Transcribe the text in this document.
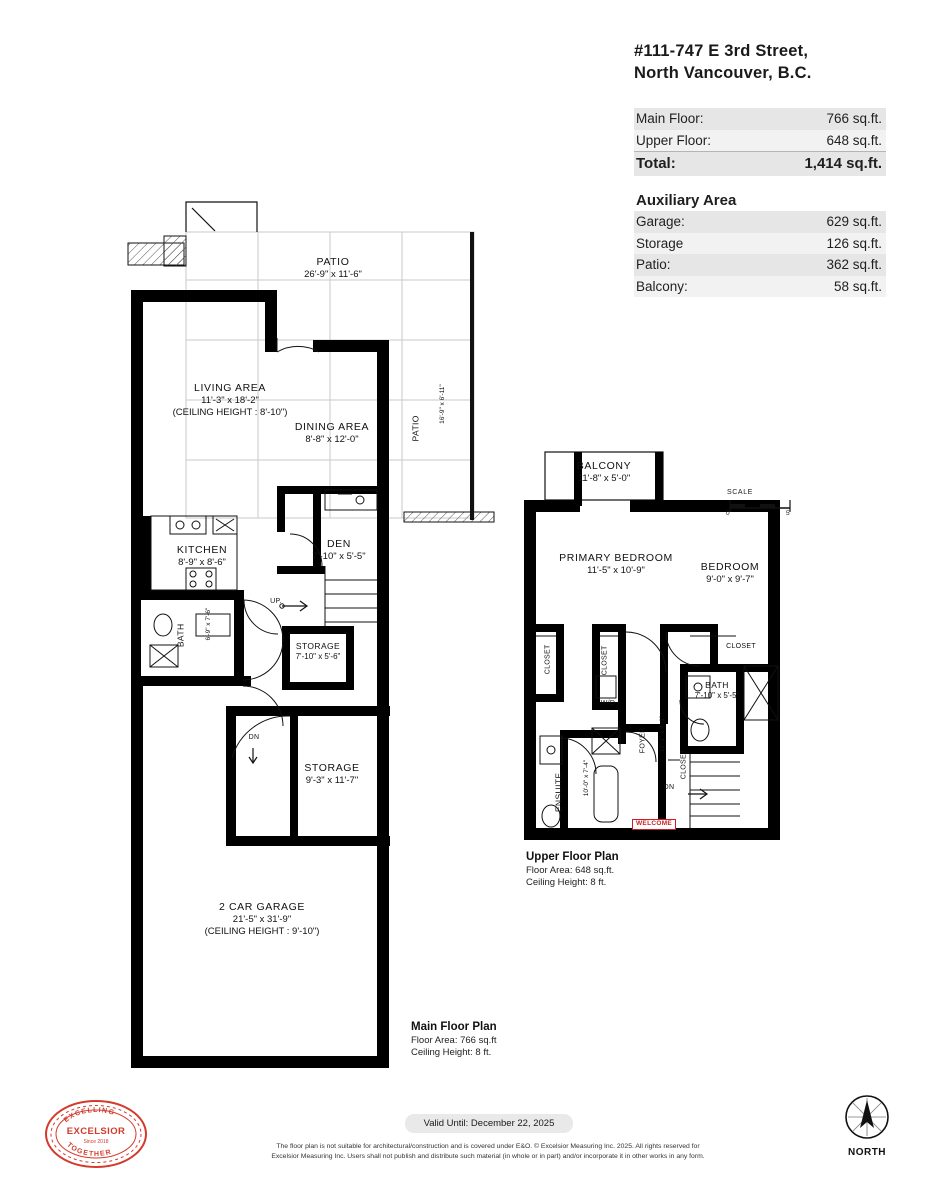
#111-747 E 3rd Street,
North Vancouver, B.C.
Main Floor:	766 sq.ft.
Upper Floor:	648 sq.ft.
Total:	1,414 sq.ft.
Auxiliary Area
Garage:	629 sq.ft.
Storage	126 sq.ft.
Patio:	362 sq.ft.
Balcony:	58 sq.ft.
PATIO
26'-9" x 11'-6"
LIVING AREA
11'-3" x 18'-2"
(CEILING HEIGHT : 8'-10")
DINING AREA
8'-8" x 12'-0"	PATIO
16'-9" x 6'-11"
KITCHEN
8'-9" x 8'-6"
DEN
7'-10" x 5'-5"
BATH	6'-9" x 7'-6"
STORAGE
7'-10" x 5'-6"
STORAGE
9'-3" x 11'-7"
2 CAR GARAGE
21'-5" x 31'-9"
(CEILING HEIGHT : 9'-10")
UP.
DN
Main Floor Plan
Floor Area: 766 sq.ft
Ceiling Height: 8 ft.
BALCONY
11'-8" x 5'-0"
PRIMARY BEDROOM
11'-5" x 10'-9"	BEDROOM
9'-0" x 9'-7"
BATH
7'-10" x 5'-5"
ENSUITE	10'-0" x 7'-4"
FOYER 12'-1" x 4'-1"
CLOSET	CLOSET	CLOSET
CLOSET
W/D
DN
WELCOME
SCALE
0'	5'
Upper Floor Plan
Floor Area: 648 sq.ft.
Ceiling Height: 8 ft.
Valid Until: December 22, 2025
The floor plan is not suitable for architectural/construction and is covered under E&O. © Excelsior Measuring Inc. 2025. All rights reserved for
Excelsior Measuring Inc. Users shall not publish and distribute such material (in whole or in part) and/or incorporate it in other works in any form.
EXCELLING
TOGETHER
EXCELSIOR
Since 2018
NORTH
